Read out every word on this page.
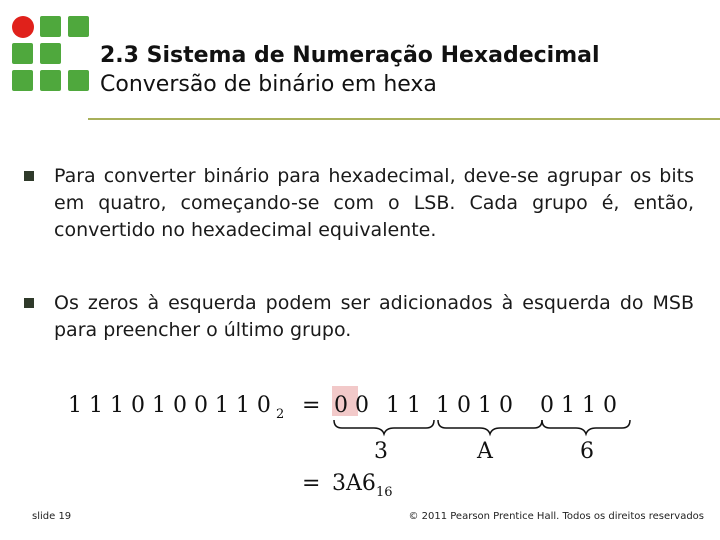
2.3 Sistema de Numeração Hexadecimal
Conversão de binário em hexa
Para converter binário para hexadecimal, deve-se agrupar os bits em quatro, começando-se com o LSB. Cada grupo é, então, convertido no hexadecimal equivalente.
Os zeros à esquerda podem ser adicionados à esquerda do MSB para preencher o último grupo.
1 1 1 0 1 0 0 1 1 0 2 = 0 0 1 1 1 0 1 0 0 1 1 0
3	A	6
= 3A6 16
slide 19	© 2011 Pearson Prentice Hall. Todos os direitos reservados
